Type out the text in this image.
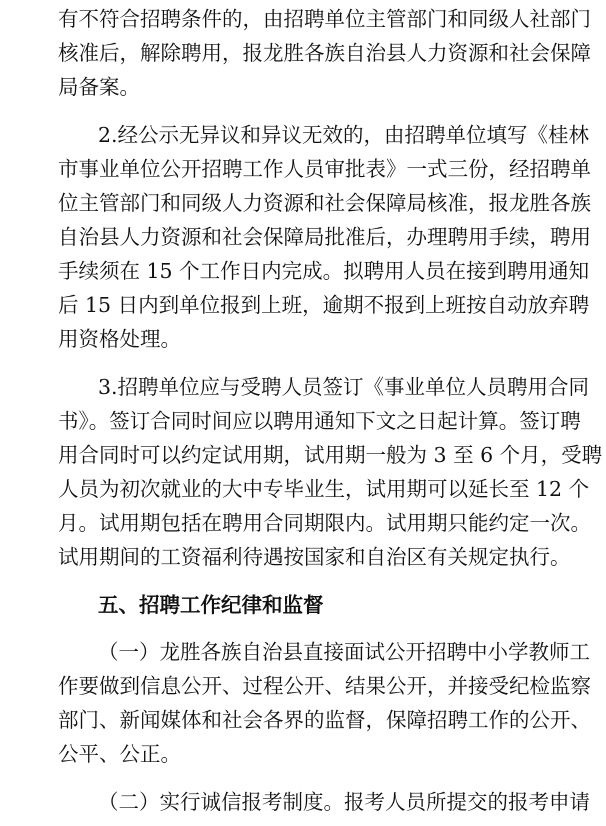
有不符合招聘条件的，由招聘单位主管部门和同级人社部门
核准后，解除聘用，报龙胜各族自治县人力资源和社会保障
局备案。
2.经公示无异议和异议无效的，由招聘单位填写《桂林
市事业单位公开招聘工作人员审批表》一式三份，经招聘单
位主管部门和同级人力资源和社会保障局核准，报龙胜各族
自治县人力资源和社会保障局批准后，办理聘用手续，聘用
手续须在 15 个工作日内完成。拟聘用人员在接到聘用通知
后 15 日内到单位报到上班，逾期不报到上班按自动放弃聘
用资格处理。
3.招聘单位应与受聘人员签订《事业单位人员聘用合同
书》。签订合同时间应以聘用通知下文之日起计算。签订聘
用合同时可以约定试用期，试用期一般为 3 至 6 个月，受聘
人员为初次就业的大中专毕业生，试用期可以延长至 12 个
月。试用期包括在聘用合同期限内。试用期只能约定一次。
试用期间的工资福利待遇按国家和自治区有关规定执行。
五、招聘工作纪律和监督
（一）龙胜各族自治县直接面试公开招聘中小学教师工
作要做到信息公开、过程公开、结果公开，并接受纪检监察
部门、新闻媒体和社会各界的监督，保障招聘工作的公开、
公平、公正。
（二）实行诚信报考制度。报考人员所提交的报考申请
